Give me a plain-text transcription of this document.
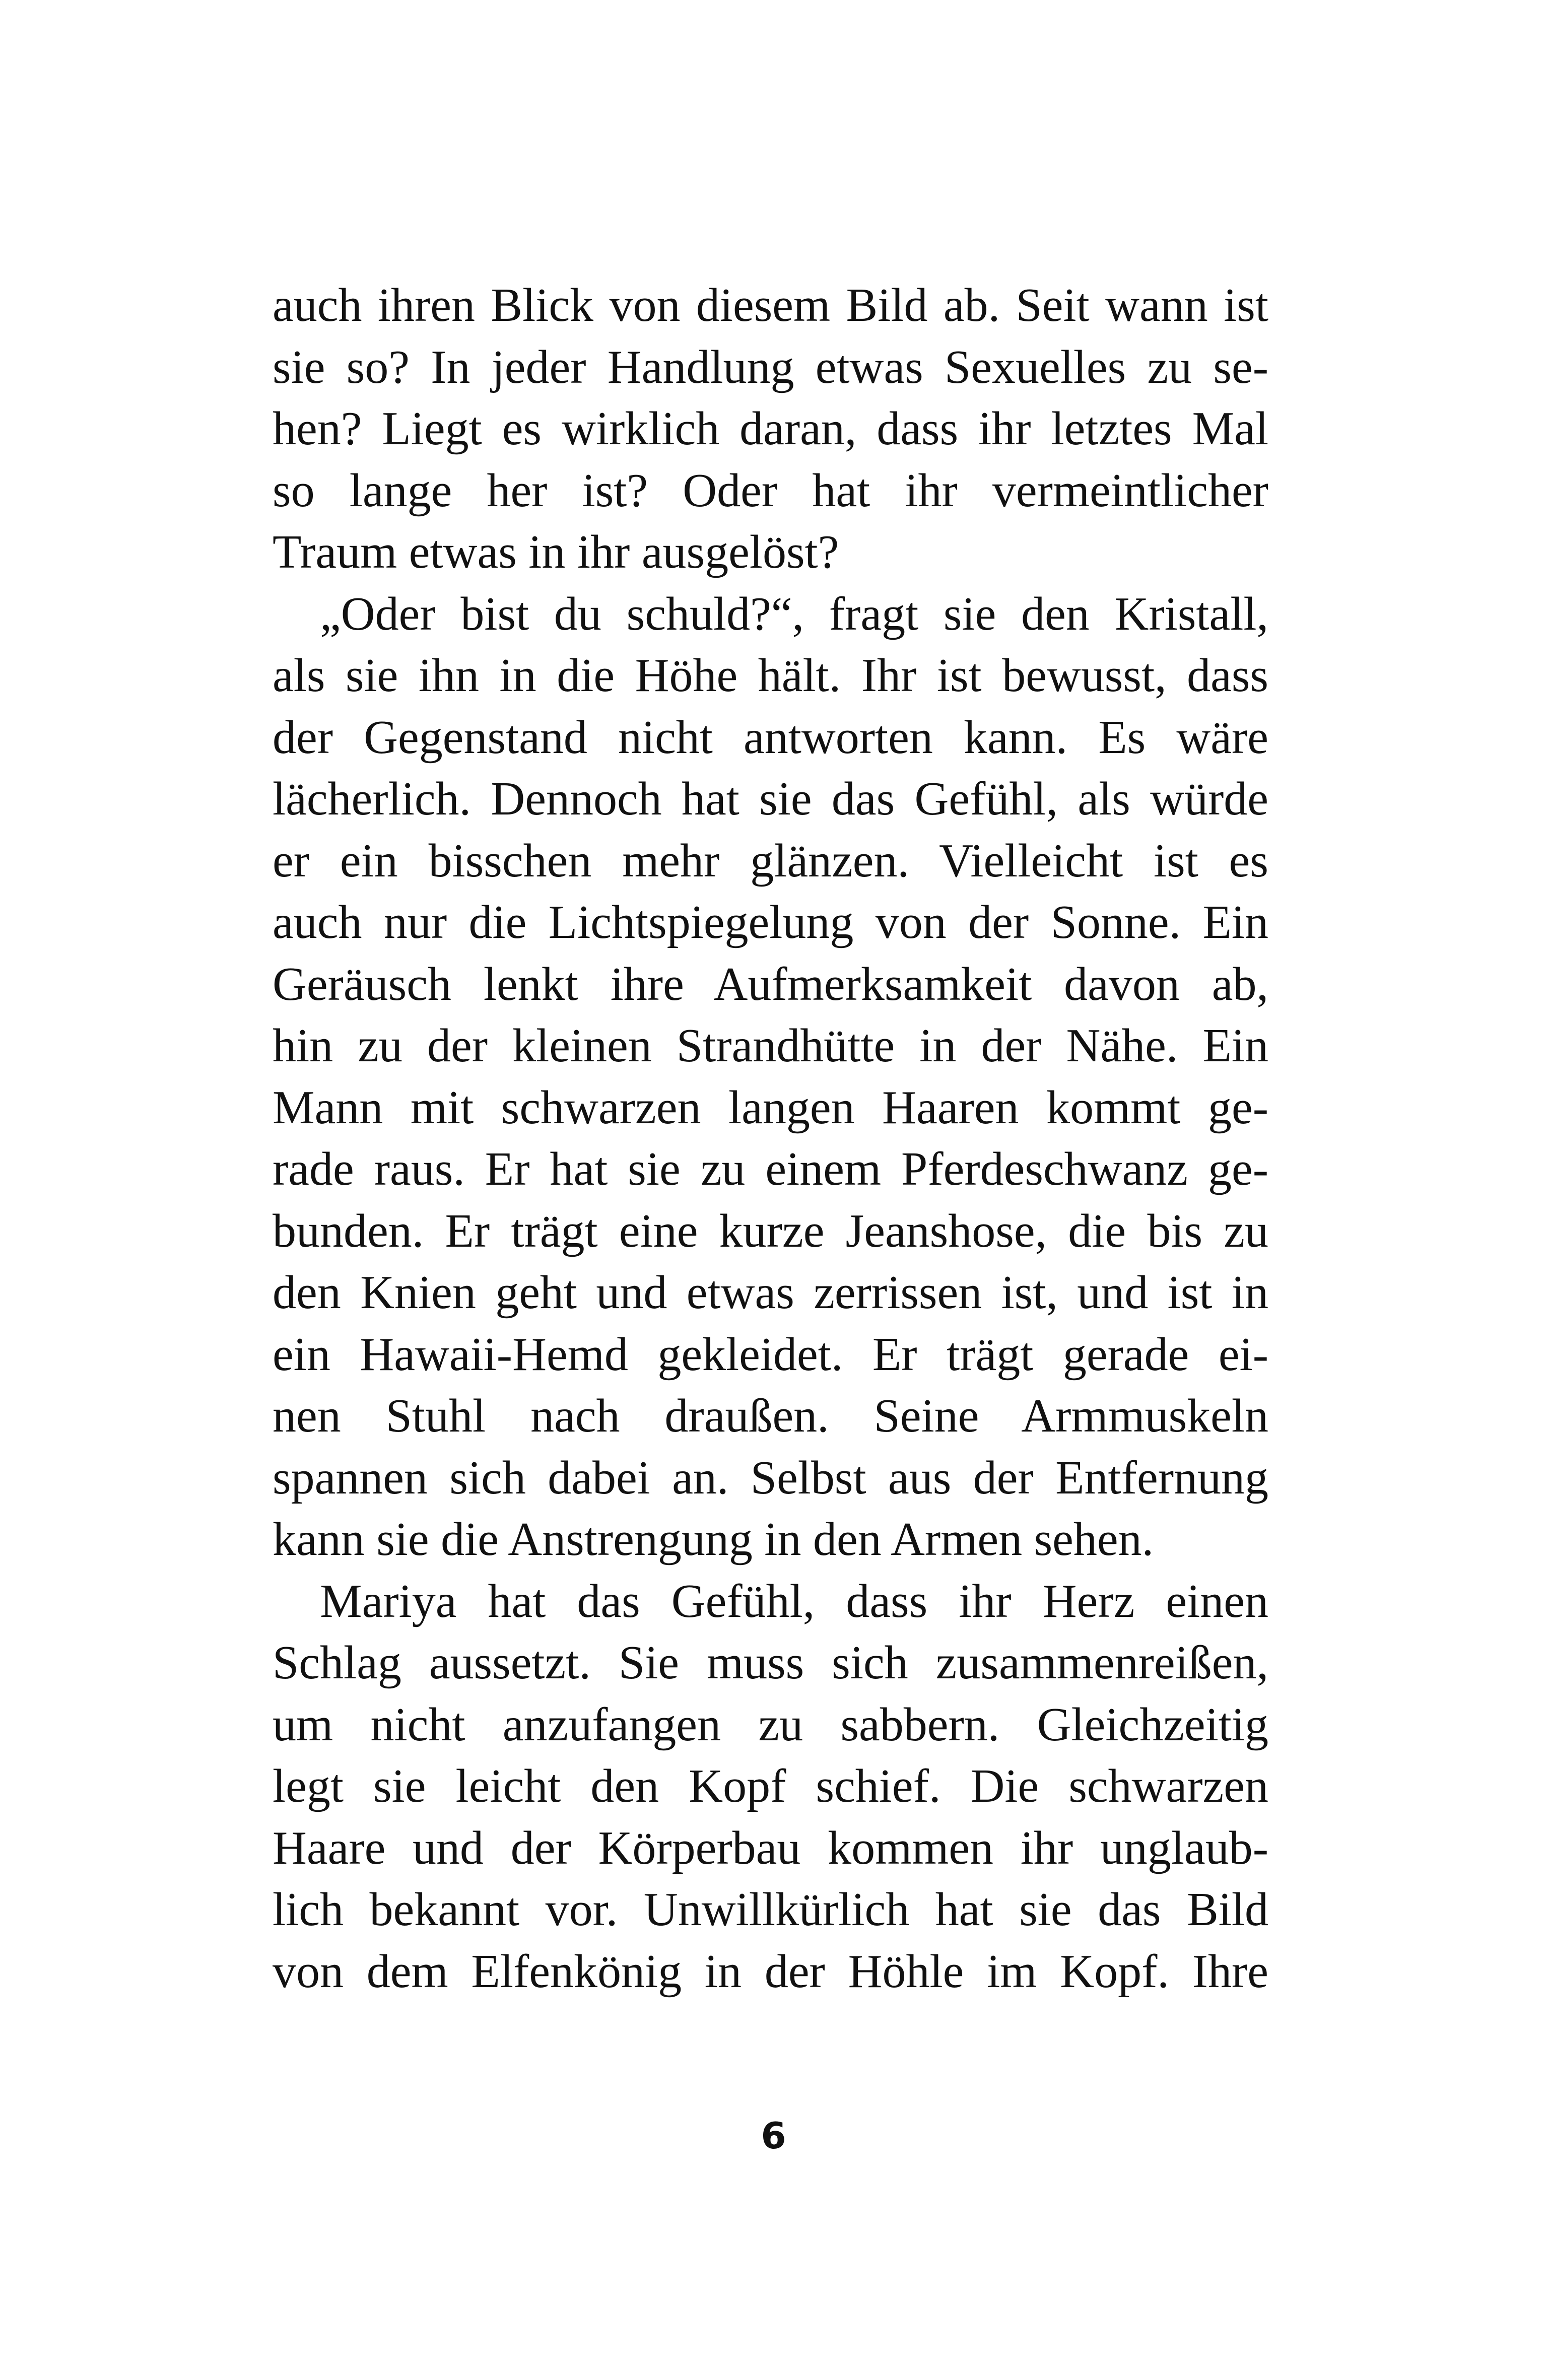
auch ihren Blick von diesem Bild ab. Seit wann ist
sie so? In jeder Handlung etwas Sexuelles zu se-
hen? Liegt es wirklich daran, dass ihr letztes Mal
so lange her ist? Oder hat ihr vermeintlicher
Traum etwas in ihr ausgelöst?

„Oder bist du schuld?“, fragt sie den Kristall,
als sie ihn in die Höhe hält. Ihr ist bewusst, dass
der Gegenstand nicht antworten kann. Es wäre
lächerlich. Dennoch hat sie das Gefühl, als würde
er ein bisschen mehr glänzen. Vielleicht ist es
auch nur die Lichtspiegelung von der Sonne. Ein
Geräusch lenkt ihre Aufmerksamkeit davon ab,
hin zu der kleinen Strandhütte in der Nähe. Ein
Mann mit schwarzen langen Haaren kommt ge-
rade raus. Er hat sie zu einem Pferdeschwanz ge-
bunden. Er trägt eine kurze Jeanshose, die bis zu
den Knien geht und etwas zerrissen ist, und ist in
ein Hawaii-Hemd gekleidet. Er trägt gerade ei-
nen Stuhl nach draußen. Seine Armmuskeln
spannen sich dabei an. Selbst aus der Entfernung
kann sie die Anstrengung in den Armen sehen.

Mariya hat das Gefühl, dass ihr Herz einen
Schlag aussetzt. Sie muss sich zusammenreißen,
um nicht anzufangen zu sabbern. Gleichzeitig
legt sie leicht den Kopf schief. Die schwarzen
Haare und der Körperbau kommen ihr unglaub-
lich bekannt vor. Unwillkürlich hat sie das Bild
von dem Elfenkönig in der Höhle im Kopf. Ihre

6
